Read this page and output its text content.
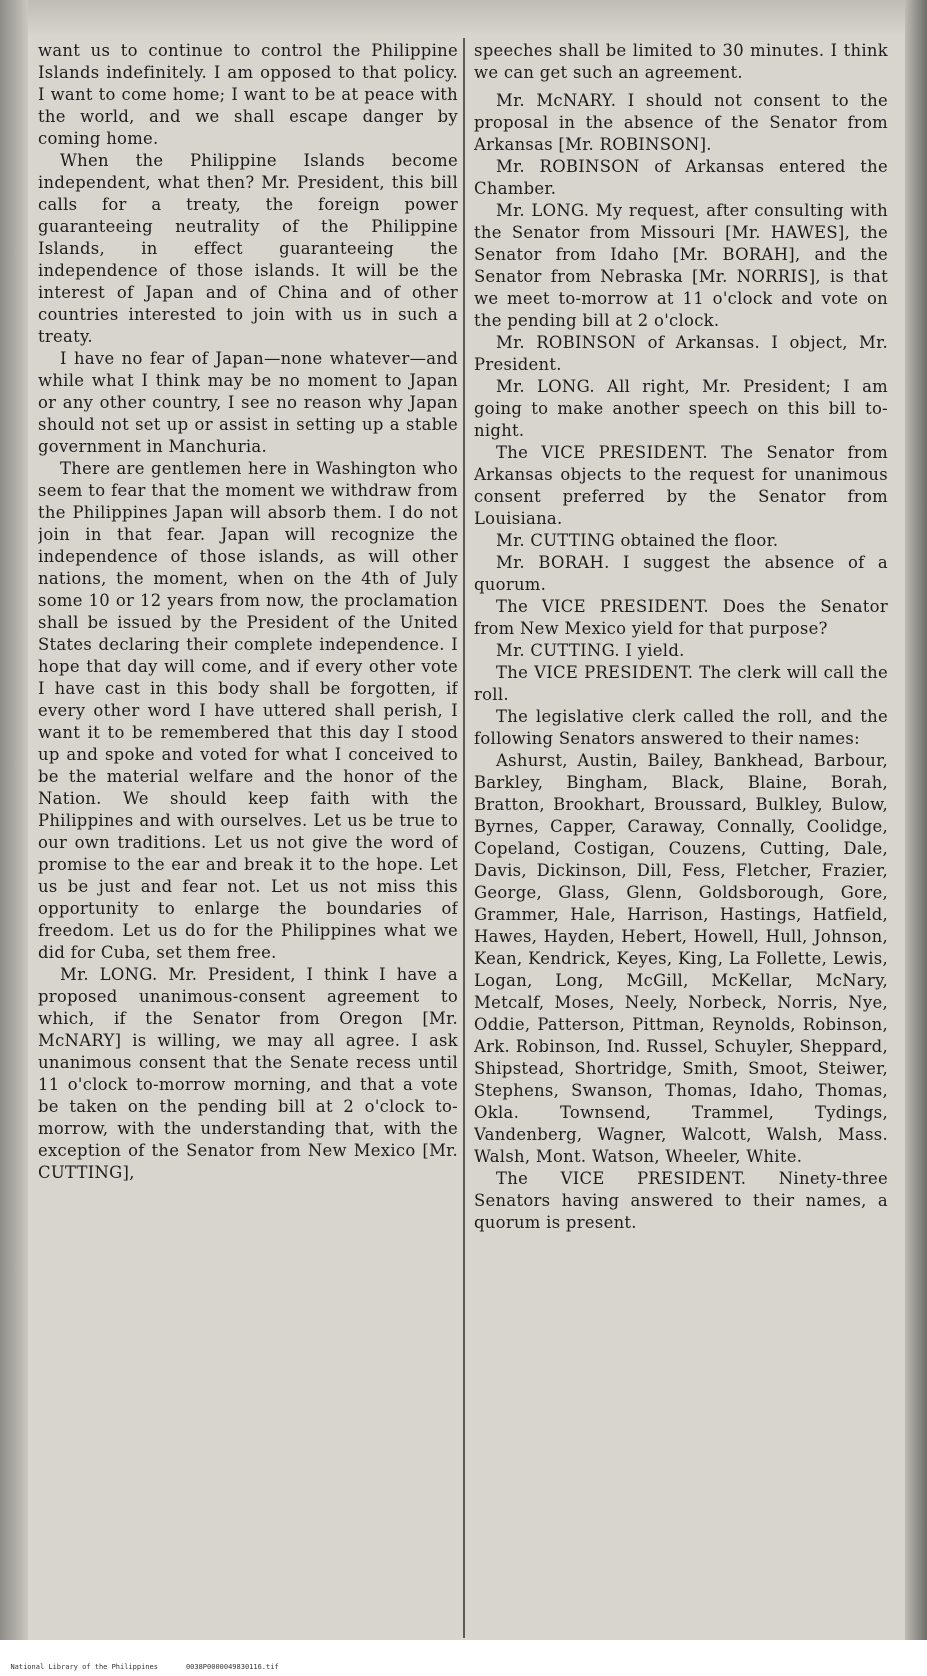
want us to continue to control the Philippine Islands indefinitely. I am opposed to that policy. I want to come home; I want to be at peace with the world, and we shall escape danger by coming home.

When the Philippine Islands become independent, what then? Mr. President, this bill calls for a treaty, the foreign power guaranteeing neutrality of the Philippine Islands, in effect guaranteeing the independence of those islands. It will be the interest of Japan and of China and of other countries interested to join with us in such a treaty.

I have no fear of Japan—none whatever—and while what I think may be no moment to Japan or any other country, I see no reason why Japan should not set up or assist in setting up a stable government in Manchuria.

There are gentlemen here in Washington who seem to fear that the moment we withdraw from the Philippines Japan will absorb them. I do not join in that fear. Japan will recognize the independence of those islands, as will other nations, the moment, when on the 4th of July some 10 or 12 years from now, the proclamation shall be issued by the President of the United States declaring their complete independence. I hope that day will come, and if every other vote I have cast in this body shall be forgotten, if every other word I have uttered shall perish, I want it to be remembered that this day I stood up and spoke and voted for what I conceived to be the material welfare and the honor of the Nation. We should keep faith with the Philippines and with ourselves. Let us be true to our own traditions. Let us not give the word of promise to the ear and break it to the hope. Let us be just and fear not. Let us not miss this opportunity to enlarge the boundaries of freedom. Let us do for the Philippines what we did for Cuba, set them free.

Mr. LONG. Mr. President, I think I have a proposed unanimous-consent agreement to which, if the Senator from Oregon [Mr. McNARY] is willing, we may all agree. I ask unanimous consent that the Senate recess until 11 o'clock to-morrow morning, and that a vote be taken on the pending bill at 2 o'clock to-morrow, with the understanding that, with the exception of the Senator from New Mexico [Mr. CUTTING],

speeches shall be limited to 30 minutes. I think we can get such an agreement.

Mr. McNARY. I should not consent to the proposal in the absence of the Senator from Arkansas [Mr. ROBINSON].

Mr. ROBINSON of Arkansas entered the Chamber.

Mr. LONG. My request, after consulting with the Senator from Missouri [Mr. HAWES], the Senator from Idaho [Mr. BORAH], and the Senator from Nebraska [Mr. NORRIS], is that we meet to-morrow at 11 o'clock and vote on the pending bill at 2 o'clock.

Mr. ROBINSON of Arkansas. I object, Mr. President.

Mr. LONG. All right, Mr. President; I am going to make another speech on this bill to-night.

The VICE PRESIDENT. The Senator from Arkansas objects to the request for unanimous consent preferred by the Senator from Louisiana.

Mr. CUTTING obtained the floor.

Mr. BORAH. I suggest the absence of a quorum.

The VICE PRESIDENT. Does the Senator from New Mexico yield for that purpose?

Mr. CUTTING. I yield.

The VICE PRESIDENT. The clerk will call the roll.

The legislative clerk called the roll, and the following Senators answered to their names:

Ashurst, Austin, Bailey, Bankhead, Barbour, Barkley, Bingham, Black, Blaine, Borah, Bratton, Brookhart, Broussard, Bulkley, Bulow, Byrnes, Capper, Caraway, Connally, Coolidge, Copeland, Costigan, Couzens, Cutting, Dale, Davis, Dickinson, Dill, Fess, Fletcher, Frazier, George, Glass, Glenn, Goldsborough, Gore, Grammer, Hale, Harrison, Hastings, Hatfield, Hawes, Hayden, Hebert, Howell, Hull, Johnson, Kean, Kendrick, Keyes, King, La Follette, Lewis, Logan, Long, McGill, McKellar, McNary, Metcalf, Moses, Neely, Norbeck, Norris, Nye, Oddie, Patterson, Pittman, Reynolds, Robinson, Ark. Robinson, Ind. Russel, Schuyler, Sheppard, Shipstead, Shortridge, Smith, Smoot, Steiwer, Stephens, Swanson, Thomas, Idaho, Thomas, Okla. Townsend, Trammel, Tydings, Vandenberg, Wagner, Walcott, Walsh, Mass. Walsh, Mont. Watson, Wheeler, White.

The VICE PRESIDENT. Ninety-three Senators having answered to their names, a quorum is present.

National Library of the Philippines	0038P0000049830116.tif
